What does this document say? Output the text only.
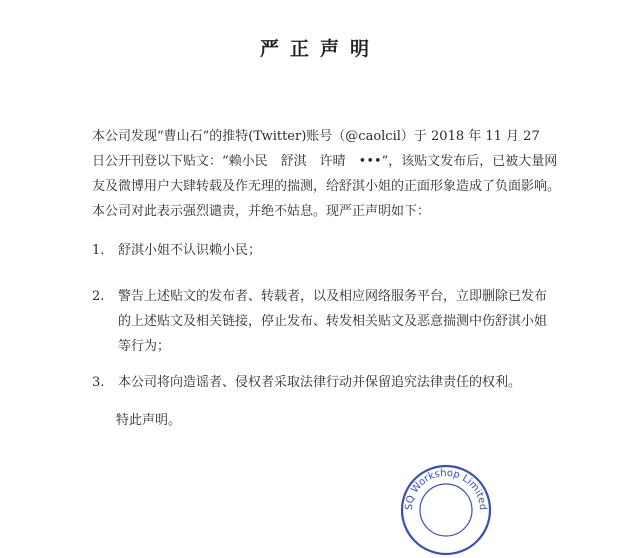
严正声明
本公司发现“曹山石”的推特(Twitter)账号（@caolcil）于 2018 年 11 月 27
日公开刊登以下贴文：“赖小民　舒淇　许晴　•••”，该贴文发布后，已被大量网
友及微博用户大肆转载及作无理的揣测，给舒淇小姐的正面形象造成了负面影响。
本公司对此表示强烈谴责，并绝不姑息。现严正声明如下：
1.	舒淇小姐不认识赖小民；
2.	警告上述贴文的发布者、转载者，以及相应网络服务平台，立即删除已发布
的上述贴文及相关链接，停止发布、转发相关贴文及恶意揣测中伤舒淇小姐
等行为；
3.	本公司将向造谣者、侵权者采取法律行动并保留追究法律责任的权利。
特此声明。
SQ Workshop Limited
